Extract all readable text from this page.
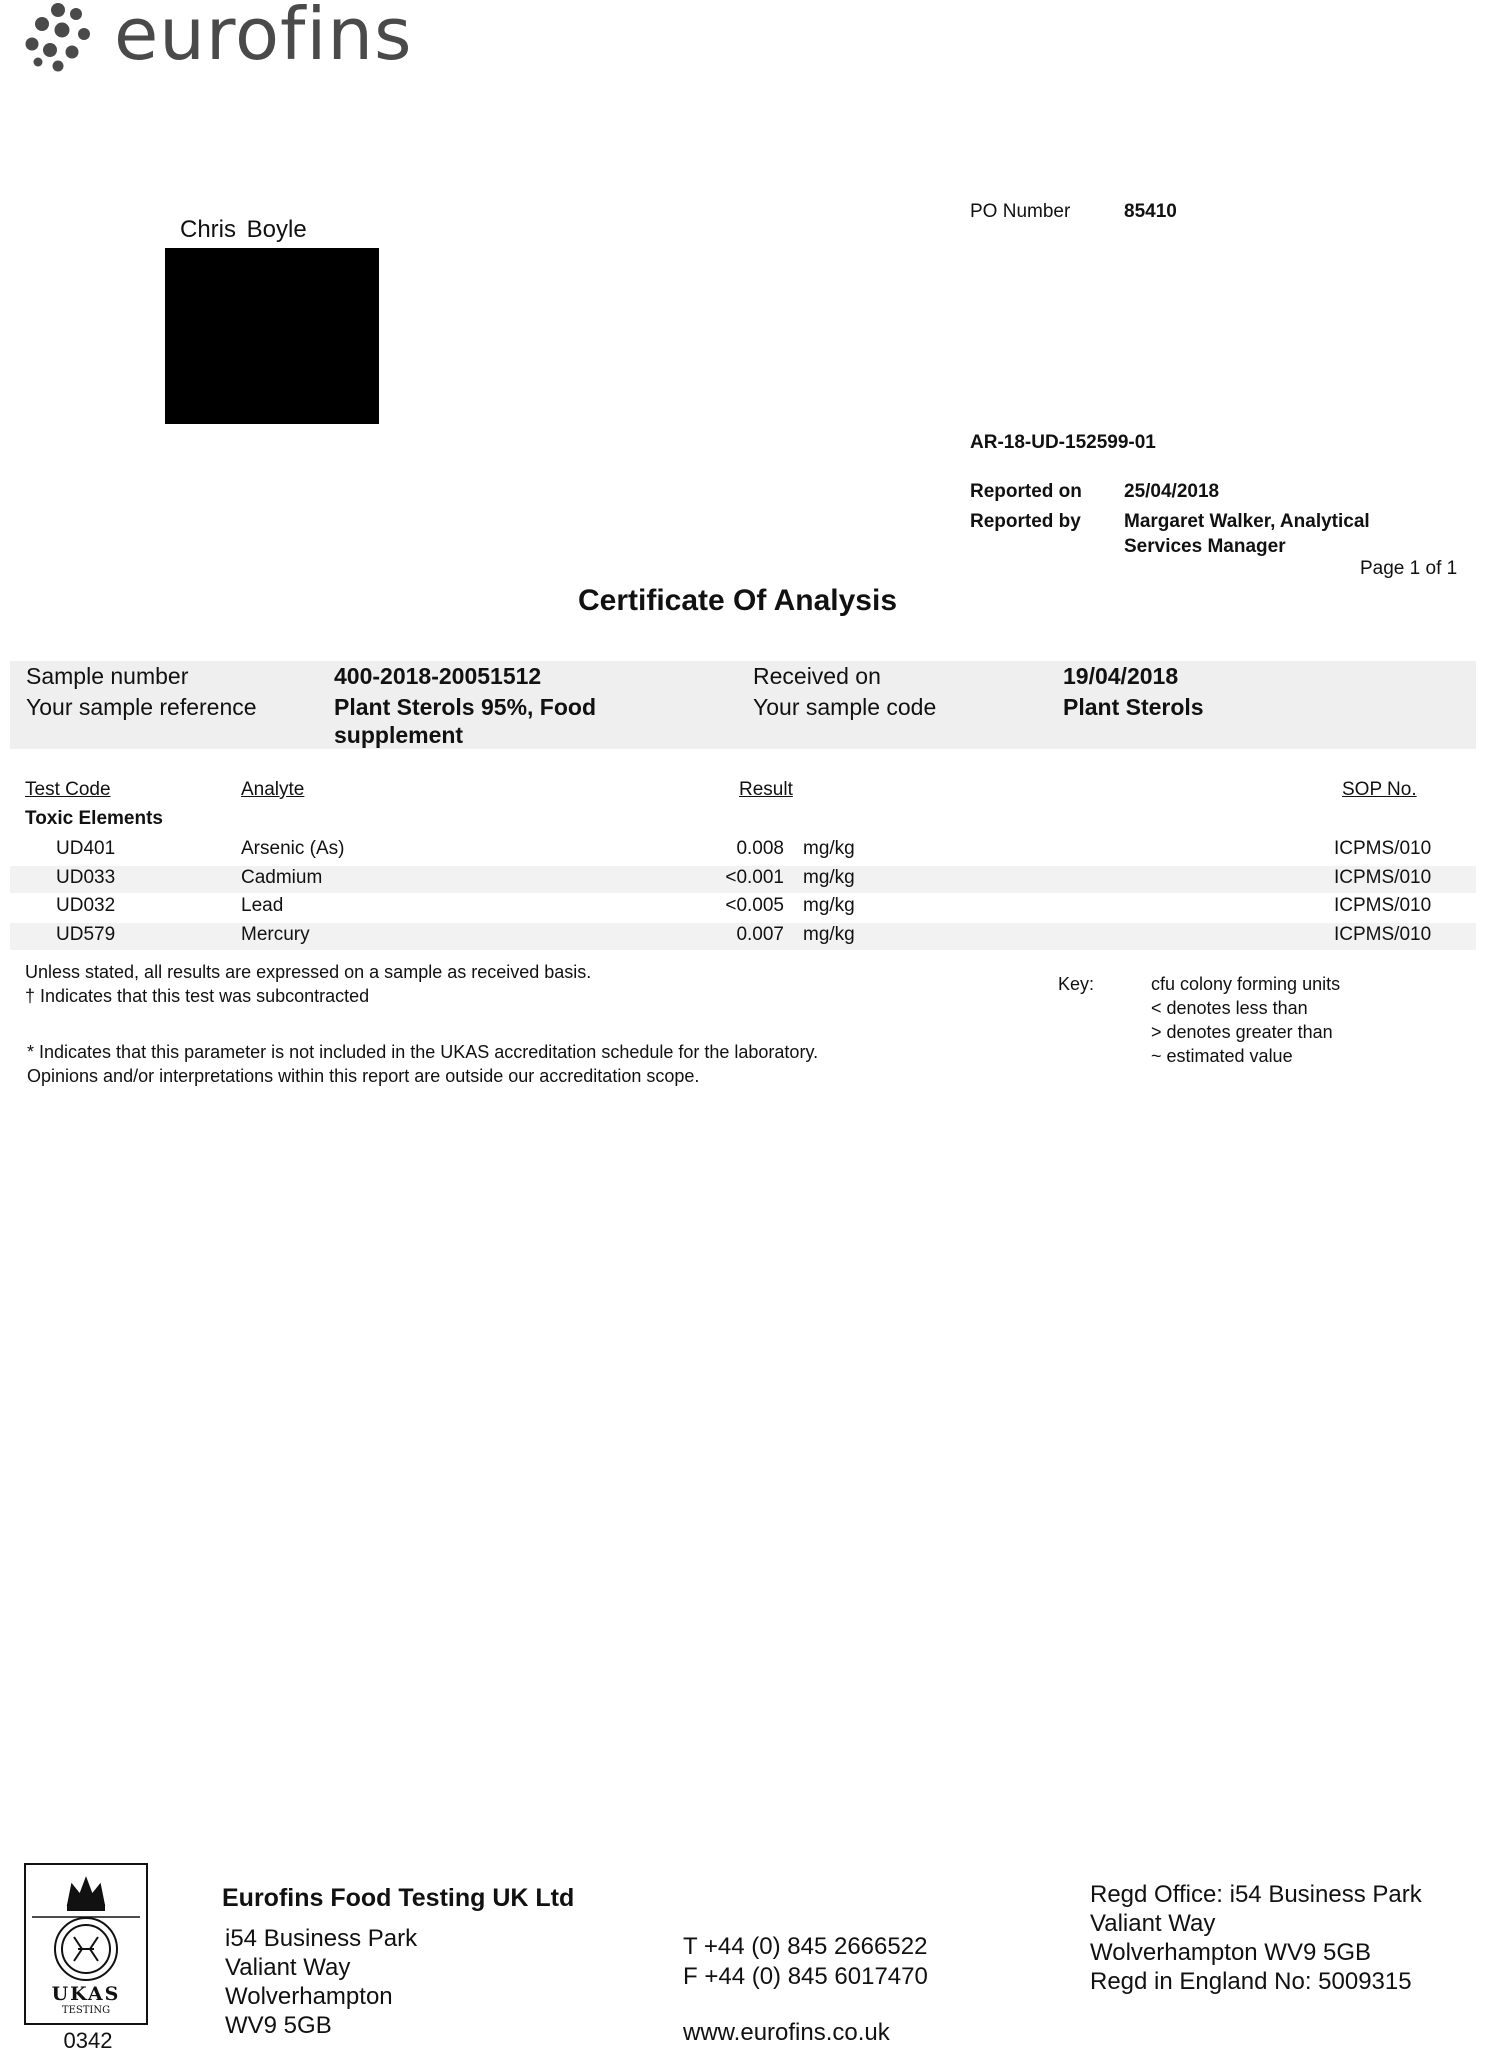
eurofins
Chris Boyle
PO Number	85410
AR-18-UD-152599-01
Reported on 25/04/2018
Reported by Margaret Walker, Analytical
Services Manager
Page 1 of 1
Certificate Of Analysis
Sample number	400-2018-20051512	Received on	19/04/2018
Your sample reference	Plant Sterols 95%, Food
supplement
Your sample code	Plant Sterols
Test Code	Analyte	Result	SOP No.
Toxic Elements
UD401	Arsenic (As)	0.008 mg/kg	ICPMS/010
UD033	Cadmium	<0.001 mg/kg	ICPMS/010
UD032	Lead	<0.005 mg/kg	ICPMS/010
UD579	Mercury	0.007 mg/kg	ICPMS/010
Unless stated, all results are expressed on a sample as received basis.
† Indicates that this test was subcontracted
* Indicates that this parameter is not included in the UKAS accreditation schedule for the laboratory.
Opinions and/or interpretations within this report are outside our accreditation scope.
Key:	cfu colony forming units
< denotes less than
> denotes greater than
~ estimated value
UKAS
TESTING
0342
Eurofins Food Testing UK Ltd
i54 Business Park
Valiant Way
Wolverhampton
WV9 5GB
T +44 (0) 845 2666522
F +44 (0) 845 6017470
www.eurofins.co.uk
Regd Office: i54 Business Park
Valiant Way
Wolverhampton WV9 5GB
Regd in England No: 5009315
